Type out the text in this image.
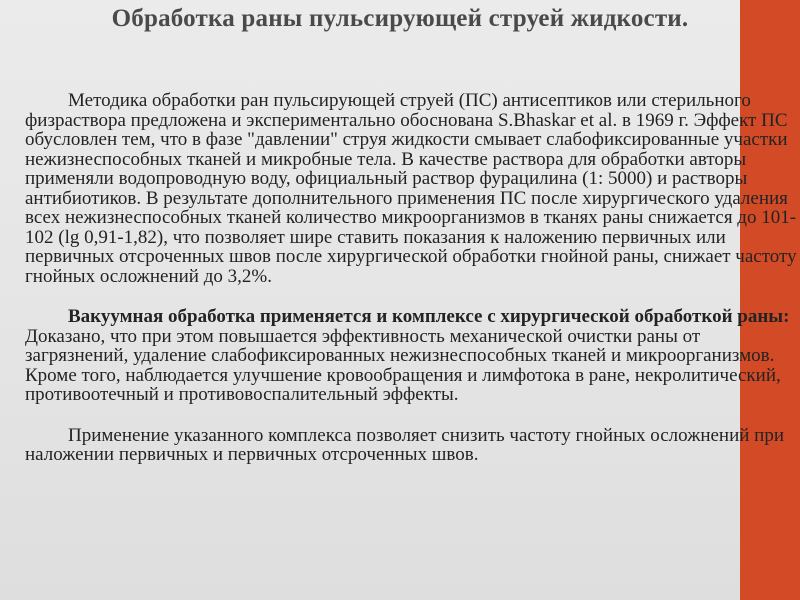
Обработка раны пульсирующей струей жидкости.

Методика обработки ран пульсирующей струей (ПС) антисептиков или стерильного физраствора предложена и экспериментально обоснована S.Bhaskar et al. в 1969 г. Эффект ПС обусловлен тем, что в фазе "давлении" струя жидкости смывает слабофиксированные участки нежизнеспособных тканей и микробные тела. В качестве раствора для обработки авторы применяли водопроводную воду, официальный раствор фурацилина (1: 5000) и растворы антибиотиков. В результате дополнительного применения ПС после хирургического удаления всех нежизнеспособных тканей количество микроорганизмов в тканях раны снижается до 101-102 (lg 0,91-1,82), что позволяет шире ставить показания к наложению первичных или первичных отсроченных швов после хирургической обработки гнойной раны, снижает частоту гнойных осложнений до 3,2%.

Вакуумная обработка применяется и комплексе с хирургической обработкой раны: Доказано, что при этом повышается эффективность механической очистки раны от загрязнений, удаление слабофиксированных нежизнеспособных тканей и микроорганизмов. Кроме того, наблюдается улучшение кровообращения и лимфотока в ране, некролитический, противоотечный и противовоспалительный эффекты.

Применение указанного комплекса позволяет снизить частоту гнойных осложнений при наложении первичных и первичных отсроченных швов.
